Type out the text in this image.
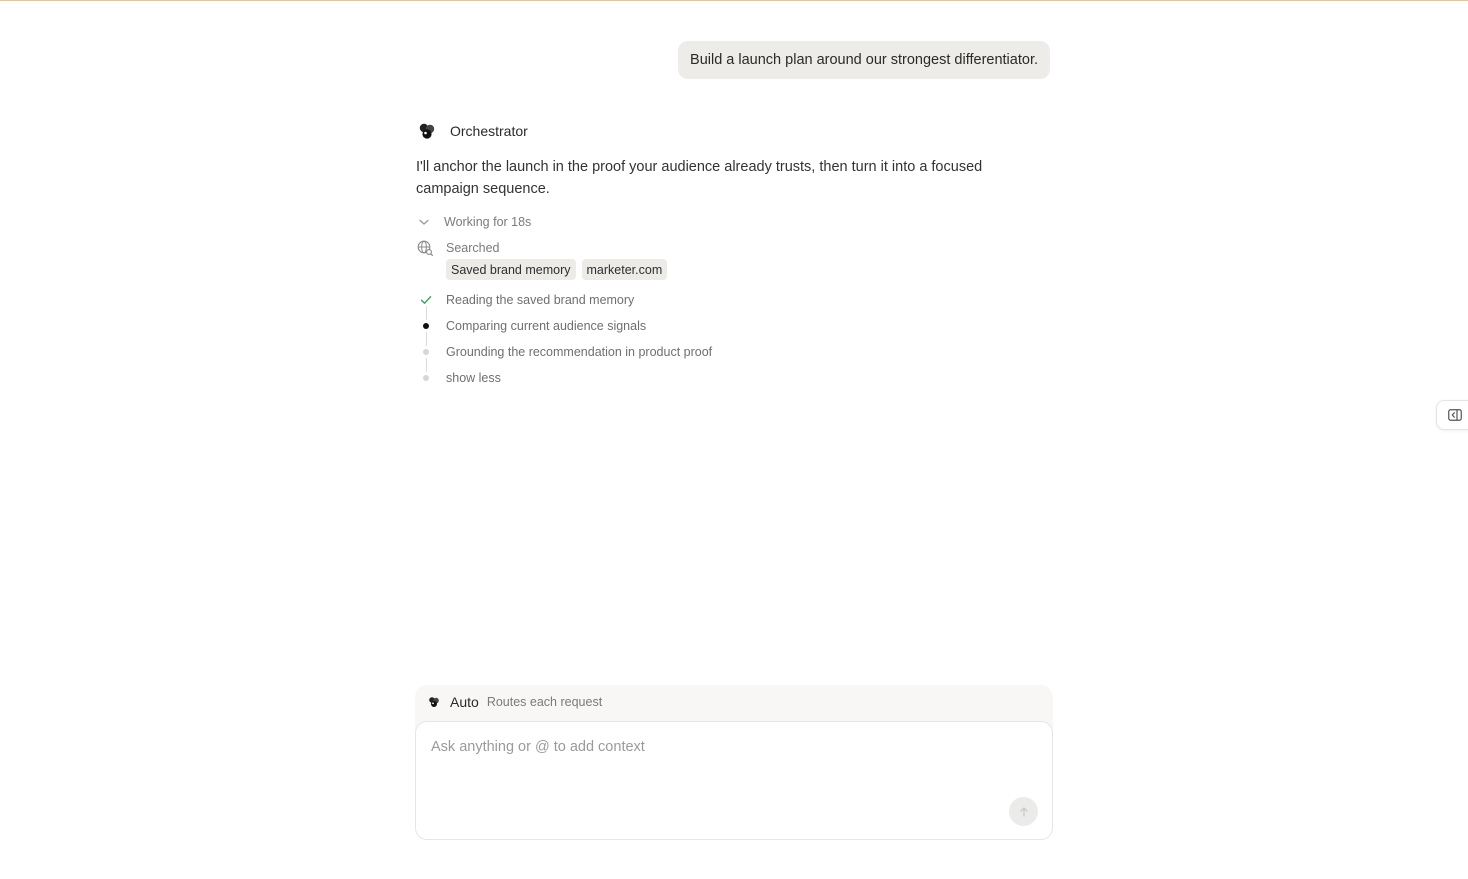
Build a launch plan around our strongest differentiator.
Orchestrator
I'll anchor the launch in the proof your audience already trusts, then turn it into a focused campaign sequence.
Working for 18s
Searched
Saved brand memory	marketer.com
Reading the saved brand memory
Comparing current audience signals
Grounding the recommendation in product proof
show less
Auto Routes each request
Ask anything or @ to add context
